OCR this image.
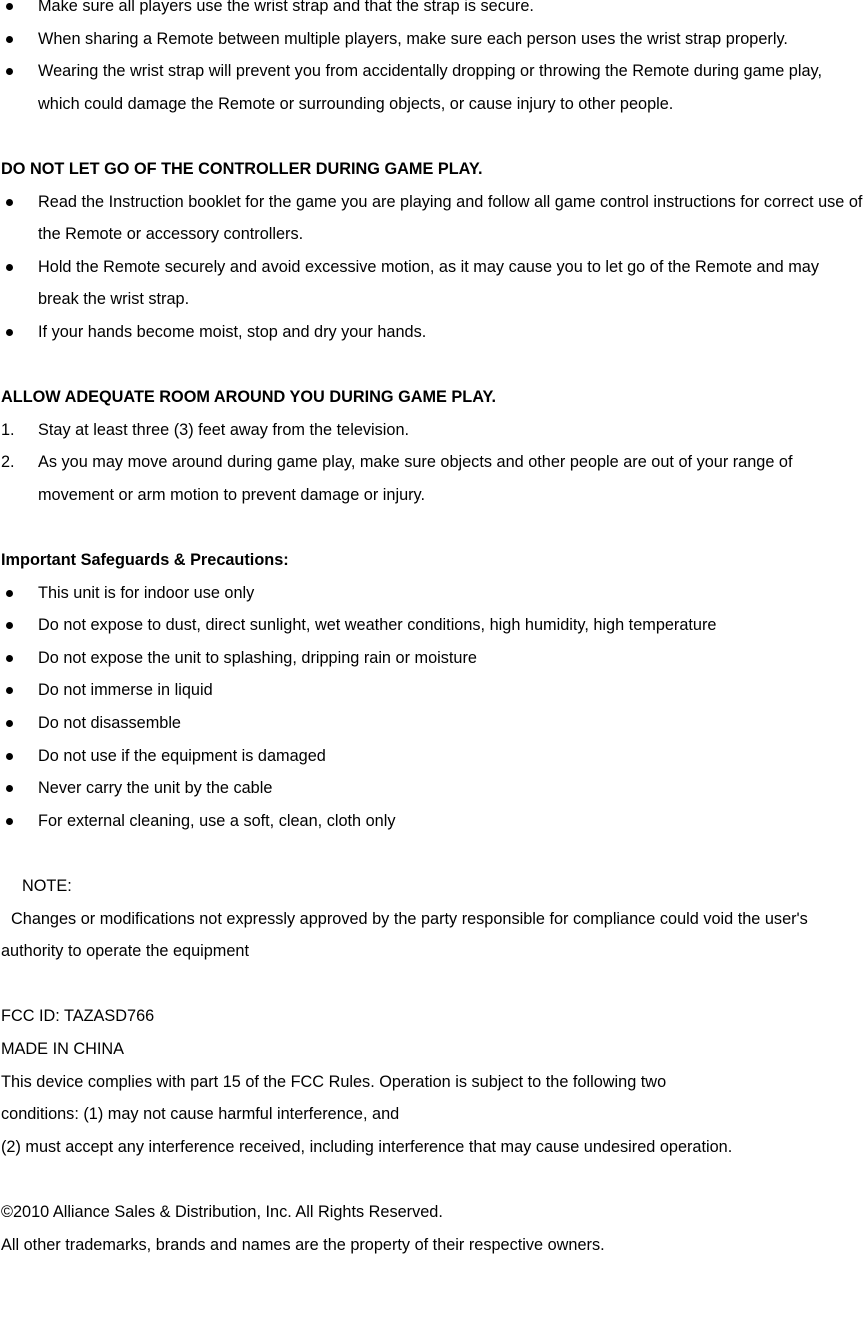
Make sure all players use the wrist strap and that the strap is secure.
When sharing a Remote between multiple players, make sure each person uses the wrist strap properly.
Wearing the wrist strap will prevent you from accidentally dropping or throwing the Remote during game play, which could damage the Remote or surrounding objects, or cause injury to other people.

DO NOT LET GO OF THE CONTROLLER DURING GAME PLAY.

Read the Instruction booklet for the game you are playing and follow all game control instructions for correct use of the Remote or accessory controllers.
Hold the Remote securely and avoid excessive motion, as it may cause you to let go of the Remote and may break the wrist strap.
If your hands become moist, stop and dry your hands.

ALLOW ADEQUATE ROOM AROUND YOU DURING GAME PLAY.

1. Stay at least three (3) feet away from the television.
2. As you may move around during game play, make sure objects and other people are out of your range of movement or arm motion to prevent damage or injury.

Important Safeguards & Precautions:

This unit is for indoor use only
Do not expose to dust, direct sunlight, wet weather conditions, high humidity, high temperature
Do not expose the unit to splashing, dripping rain or moisture
Do not immerse in liquid
Do not disassemble
Do not use if the equipment is damaged
Never carry the unit by the cable
For external cleaning, use a soft, clean, cloth only

NOTE:

Changes or modifications not expressly approved by the party responsible for compliance could void the user's authority to operate the equipment

FCC ID: TAZASD766

MADE IN CHINA

This device complies with part 15 of the FCC Rules. Operation is subject to the following two

conditions: (1) may not cause harmful interference, and

(2) must accept any interference received, including interference that may cause undesired operation.

©2010 Alliance Sales & Distribution, Inc. All Rights Reserved.

All other trademarks, brands and names are the property of their respective owners.
